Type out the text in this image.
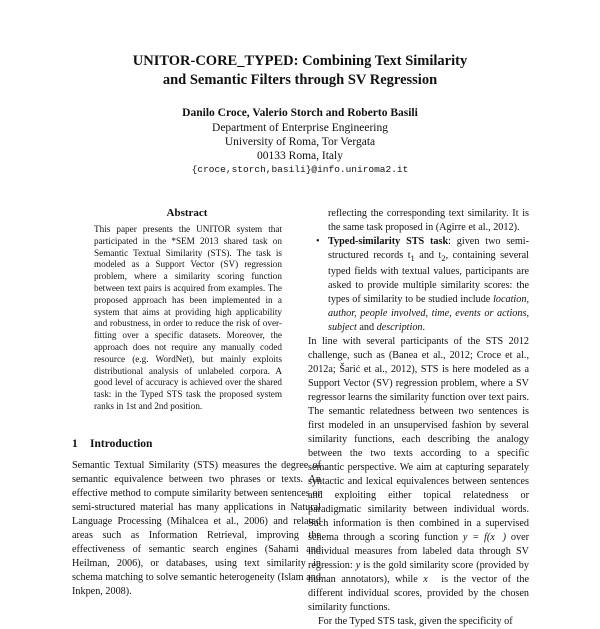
UNITOR-CORE_TYPED: Combining Text Similarity
and Semantic Filters through SV Regression
Danilo Croce, Valerio Storch and Roberto Basili
Department of Enterprise Engineering
University of Roma, Tor Vergata
00133 Roma, Italy
{croce,storch,basili}@info.uniroma2.it
Abstract
This paper presents the UNITOR system that participated in the *SEM 2013 shared task on Semantic Textual Similarity (STS). The task is modeled as a Support Vector (SV) regression problem, where a similarity scoring function between text pairs is acquired from examples. The proposed approach has been implemented in a system that aims at providing high applicability and robustness, in order to reduce the risk of over-fitting over a specific datasets. Moreover, the approach does not require any manually coded resource (e.g. WordNet), but mainly exploits distributional analysis of unlabeled corpora. A good level of accuracy is achieved over the shared task: in the Typed STS task the proposed system ranks in 1st and 2nd position.
1 Introduction
Semantic Textual Similarity (STS) measures the degree of semantic equivalence between two phrases or texts. An effective method to compute similarity between sentences or semi-structured material has many applications in Natural Language Processing (Mihalcea et al., 2006) and related areas such as Information Retrieval, improving the effectiveness of semantic search engines (Sahami and Heilman, 2006), or databases, using text similarity in schema matching to solve semantic heterogeneity (Islam and Inkpen, 2008).

reflecting the corresponding text similarity. It is the same task proposed in (Agirre et al., 2012).

• Typed-similarity STS task: given two semi-structured records $t_1$ and $t_2$, containing several typed fields with textual values, participants are asked to provide multiple similarity scores: the types of similarity to be studied include location, author, people involved, time, events or actions, subject and description.

In line with several participants of the STS 2012 challenge, such as (Banea et al., 2012; Croce et al., 2012a; Šarić et al., 2012), STS is here modeled as a Support Vector (SV) regression problem, where a SV regressor learns the similarity function over text pairs. The semantic relatedness between two sentences is first modeled in an unsupervised fashion by several similarity functions, each describing the analogy between the two texts according to a specific semantic perspective. We aim at capturing separately syntactic and lexical equivalences between sentences and exploiting either topical relatedness or paradigmatic similarity between individual words. Such information is then combined in a supervised schema through a scoring function y = f(x⃗) over individual measures from labeled data through SV regression: y is the gold similarity score (provided by human annotators), while x⃗ is the vector of the different individual scores, provided by the chosen similarity functions.

For the Typed STS task, given the specificity of
